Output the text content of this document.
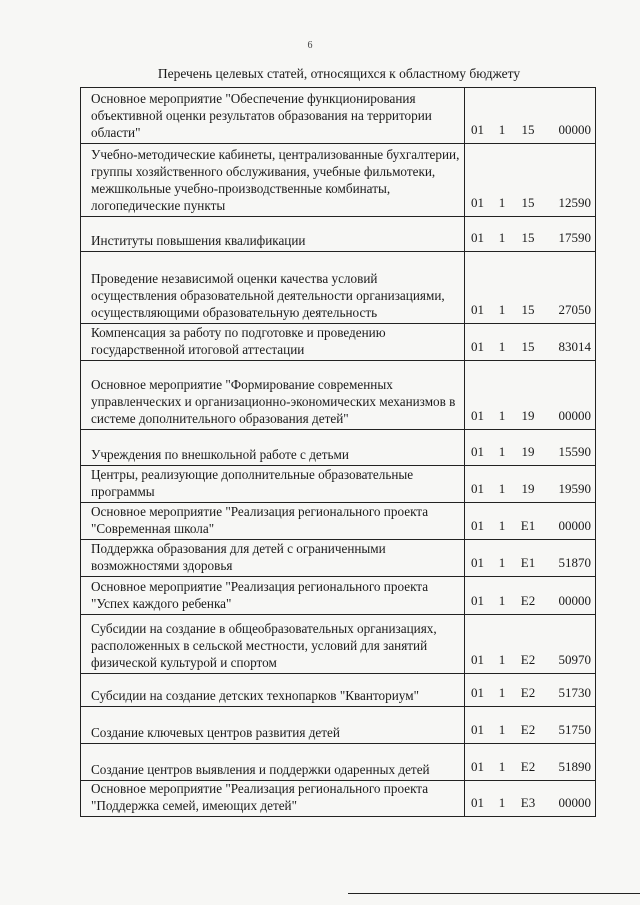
6
Перечень целевых статей, относящихся к областному бюджету
Основное мероприятие "Обеспечение функционирования объективной оценки результатов образования на территории области"	01	1	15	00000
Учебно-методические кабинеты, централизованные бухгалтерии, группы хозяйственного обслуживания, учебные фильмотеки, межшкольные учебно-производственные комбинаты, логопедические пункты	01	1	15	12590
Институты повышения квалификации	01	1	15	17590
Проведение независимой оценки качества условий осуществления образовательной деятельности организациями, осуществляющими образовательную деятельность	01	1	15	27050
Компенсация за работу по подготовке и проведению государственной итоговой аттестации	01	1	15	83014
Основное мероприятие "Формирование современных управленческих и организационно-экономических механизмов в системе дополнительного образования детей"	01	1	19	00000
Учреждения по внешкольной работе с детьми	01	1	19	15590
Центры, реализующие дополнительные образовательные программы	01	1	19	19590
Основное мероприятие "Реализация регионального проекта "Современная школа"	01	1	E1	00000
Поддержка образования для детей с ограниченными возможностями здоровья	01	1	E1	51870
Основное мероприятие "Реализация регионального проекта "Успех каждого ребенка"	01	1	E2	00000
Субсидии на создание в общеобразовательных организациях, расположенных в сельской местности, условий для занятий физической культурой и спортом	01	1	E2	50970
Субсидии на создание детских технопарков "Кванториум"	01	1	E2	51730
Создание ключевых центров развития детей	01	1	E2	51750
Создание центров выявления и поддержки одаренных детей	01	1	E2	51890
Основное мероприятие "Реализация регионального проекта "Поддержка семей, имеющих детей"	01	1	E3	00000
